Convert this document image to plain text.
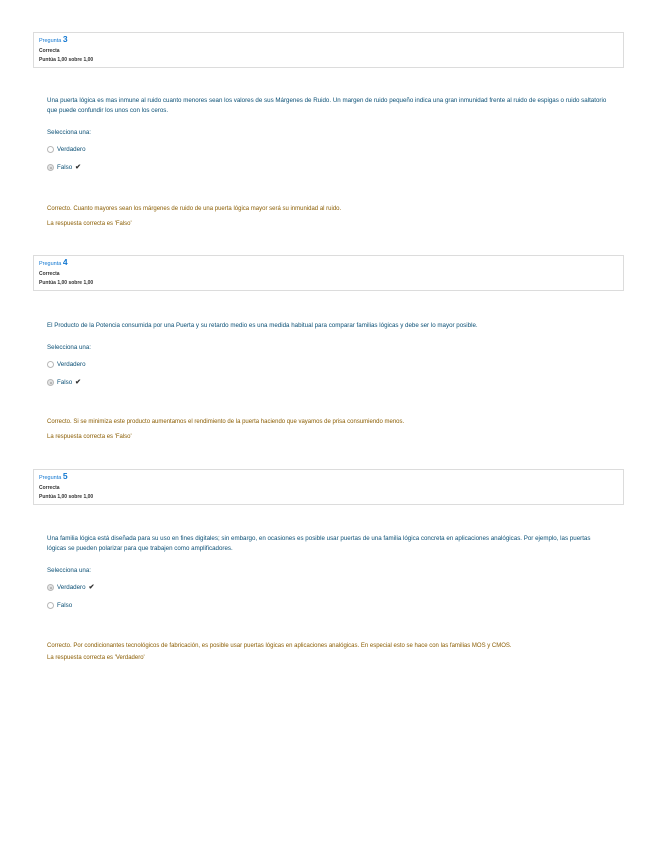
Pregunta 3
Correcta
Puntúa 1,00 sobre 1,00

Una puerta lógica es mas inmune al ruido cuanto menores sean los valores de sus Márgenes de Ruido. Un margen de ruido pequeño indica una gran inmunidad frente al ruido de espigas o ruido saltatorio que puede confundir los unos con los ceros.

Selecciona una:
Verdadero
Falso ✔

Correcto. Cuanto mayores sean los márgenes de ruido de una puerta lógica mayor será su inmunidad al ruido.

La respuesta correcta es 'Falso'

Pregunta 4
Correcta
Puntúa 1,00 sobre 1,00

El Producto de la Potencia consumida por una Puerta y su retardo medio es una medida habitual para comparar familias lógicas y debe ser lo mayor posible.

Selecciona una:
Verdadero
Falso ✔

Correcto. Si se minimiza este producto aumentamos el rendimiento de la puerta haciendo que vayamos de prisa consumiendo menos.

La respuesta correcta es 'Falso'

Pregunta 5
Correcta
Puntúa 1,00 sobre 1,00

Una familia lógica está diseñada para su uso en fines digitales; sin embargo, en ocasiones es posible usar puertas de una familia lógica concreta en aplicaciones analógicas. Por ejemplo, las puertas lógicas se pueden polarizar para que trabajen como amplificadores.

Selecciona una:
Verdadero ✔
Falso

Correcto. Por condicionantes tecnológicos de fabricación, es posible usar puertas lógicas en aplicaciones analógicas. En especial esto se hace con las familias MOS y CMOS.

La respuesta correcta es 'Verdadero'
